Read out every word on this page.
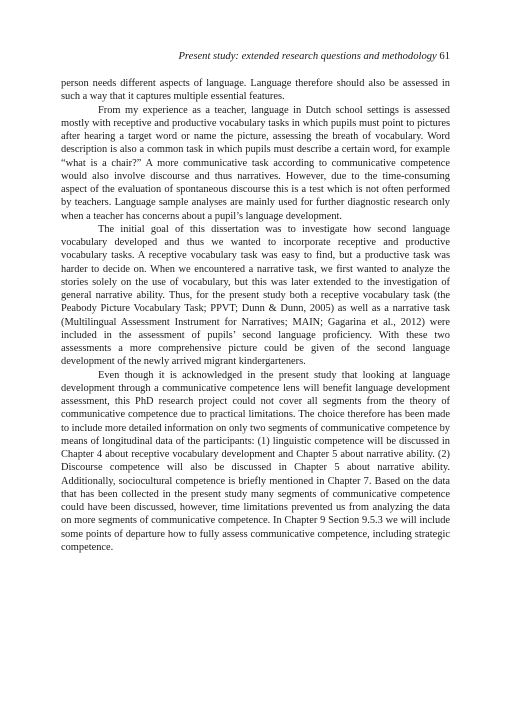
Present study: extended research questions and methodology 61

person needs different aspects of language. Language therefore should also be assessed in such a way that it captures multiple essential features.

From my experience as a teacher, language in Dutch school settings is assessed mostly with receptive and productive vocabulary tasks in which pupils must point to pictures after hearing a target word or name the picture, assessing the breath of vocabulary. Word description is also a common task in which pupils must describe a certain word, for example “what is a chair?” A more communicative task according to communicative competence would also involve discourse and thus narratives. However, due to the time-consuming aspect of the evaluation of spontaneous discourse this is a test which is not often performed by teachers. Language sample analyses are mainly used for further diagnostic research only when a teacher has concerns about a pupil’s language development.

The initial goal of this dissertation was to investigate how second language vocabulary developed and thus we wanted to incorporate receptive and productive vocabulary tasks. A receptive vocabulary task was easy to find, but a productive task was harder to decide on. When we encountered a narrative task, we first wanted to analyze the stories solely on the use of vocabulary, but this was later extended to the investigation of general narrative ability. Thus, for the present study both a receptive vocabulary task (the Peabody Picture Vocabulary Task; PPVT; Dunn & Dunn, 2005) as well as a narrative task (Multilingual Assessment Instrument for Narratives; MAIN; Gagarina et al., 2012) were included in the assessment of pupils’ second language proficiency. With these two assessments a more comprehensive picture could be given of the second language development of the newly arrived migrant kindergarteners.

Even though it is acknowledged in the present study that looking at language development through a communicative competence lens will benefit language development assessment, this PhD research project could not cover all segments from the theory of communicative competence due to practical limitations. The choice therefore has been made to include more detailed information on only two segments of communicative competence by means of longitudinal data of the participants: (1) linguistic competence will be discussed in Chapter 4 about receptive vocabulary development and Chapter 5 about narrative ability. (2) Discourse competence will also be discussed in Chapter 5 about narrative ability. Additionally, sociocultural competence is briefly mentioned in Chapter 7. Based on the data that has been collected in the present study many segments of communicative competence could have been discussed, however, time limitations prevented us from analyzing the data on more segments of communicative competence. In Chapter 9 Section 9.5.3 we will include some points of departure how to fully assess communicative competence, including strategic competence.
